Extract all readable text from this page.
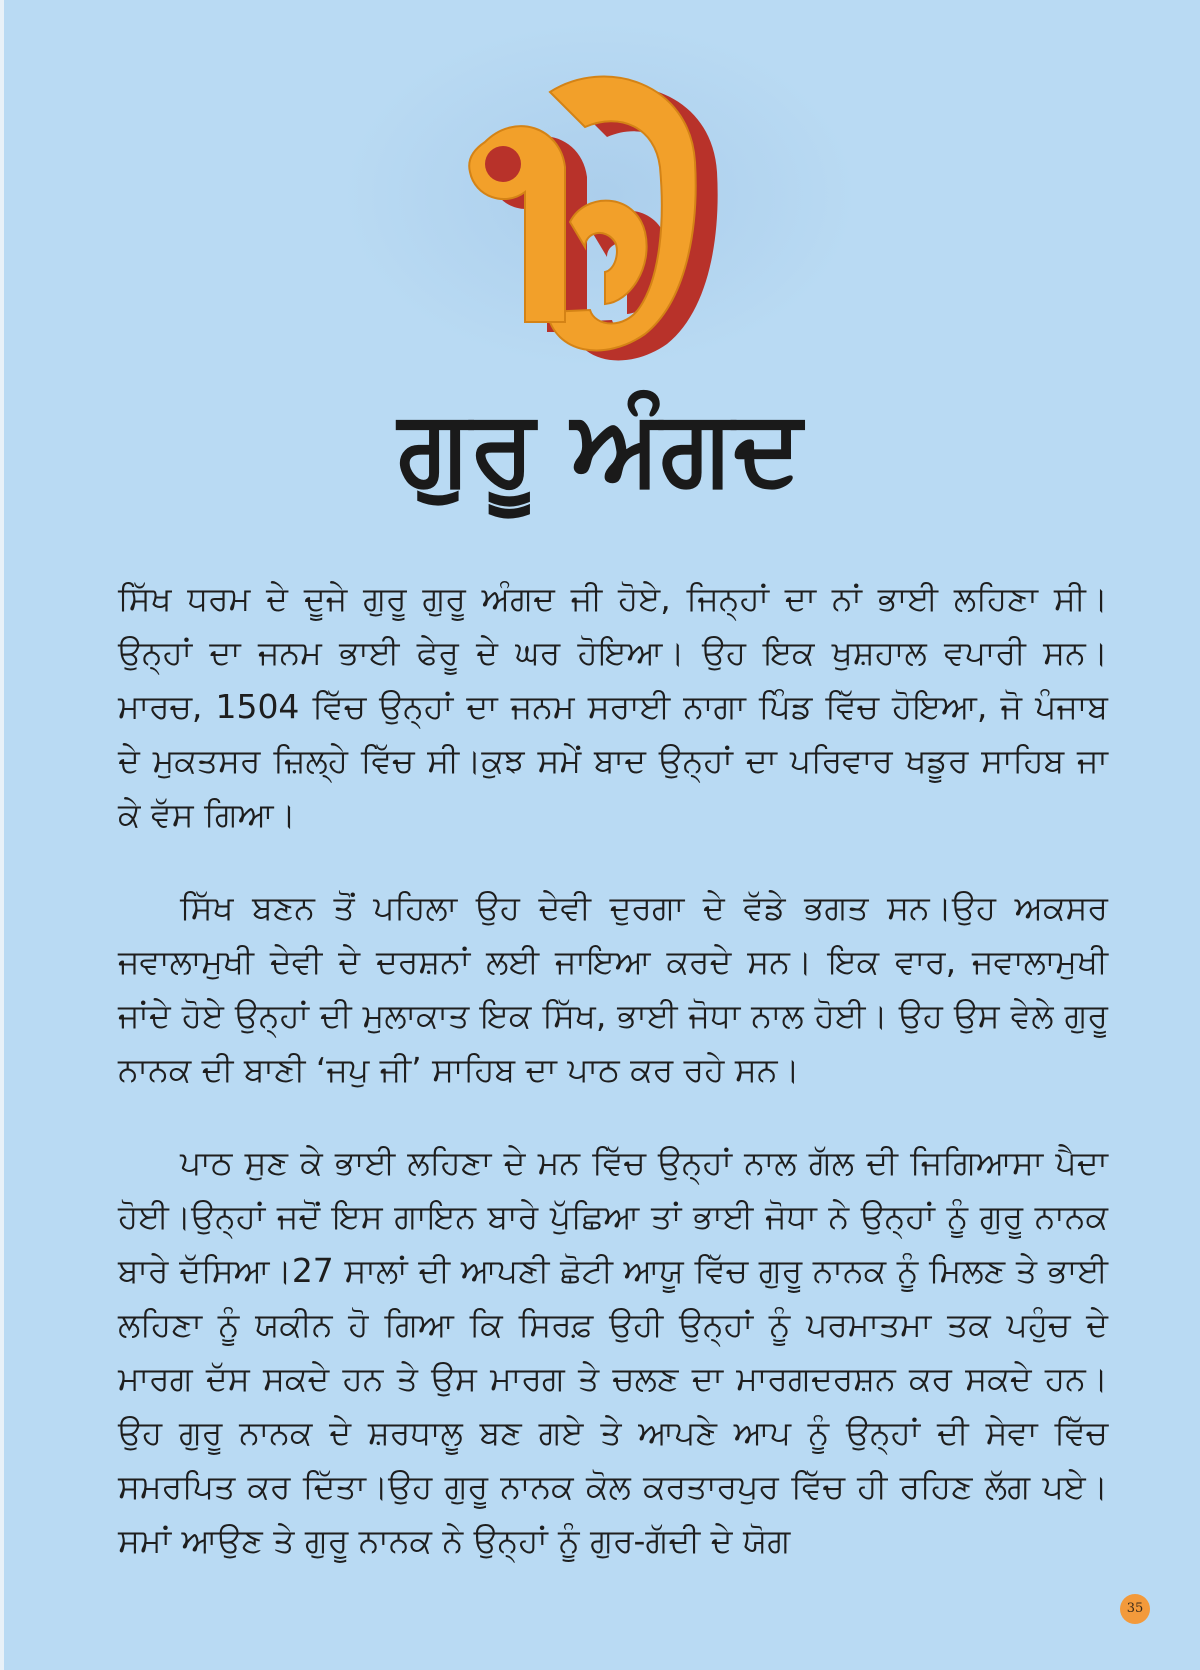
ਗੁਰੂ ਅੰਗਦ

ਸਿੱਖ ਧਰਮ ਦੇ ਦੂਜੇ ਗੁਰੂ ਗੁਰੂ ਅੰਗਦ ਜੀ ਹੋਏ, ਜਿਨ੍ਹਾਂ ਦਾ ਨਾਂ ਭਾਈ ਲਹਿਣਾ ਸੀ। ਉਨ੍ਹਾਂ ਦਾ ਜਨਮ ਭਾਈ ਫੇਰੂ ਦੇ ਘਰ ਹੋਇਆ। ਉਹ ਇਕ ਖੁਸ਼ਹਾਲ ਵਪਾਰੀ ਸਨ।ਮਾਰਚ, 1504 ਵਿੱਚ ਉਨ੍ਹਾਂ ਦਾ ਜਨਮ ਸਰਾਈ ਨਾਗਾ ਪਿੰਡ ਵਿੱਚ ਹੋਇਆ, ਜੋ ਪੰਜਾਬ ਦੇ ਮੁਕਤਸਰ ਜ਼ਿਲ੍ਹੇ ਵਿੱਚ ਸੀ।ਕੁਝ ਸਮੇਂ ਬਾਦ ਉਨ੍ਹਾਂ ਦਾ ਪਰਿਵਾਰ ਖਡੂਰ ਸਾਹਿਬ ਜਾ ਕੇ ਵੱਸ ਗਿਆ।

ਸਿੱਖ ਬਣਨ ਤੋਂ ਪਹਿਲਾ ਉਹ ਦੇਵੀ ਦੁਰਗਾ ਦੇ ਵੱਡੇ ਭਗਤ ਸਨ।ਉਹ ਅਕਸਰ ਜਵਾਲਾਮੁਖੀ ਦੇਵੀ ਦੇ ਦਰਸ਼ਨਾਂ ਲਈ ਜਾਇਆ ਕਰਦੇ ਸਨ। ਇਕ ਵਾਰ, ਜਵਾਲਾਮੁਖੀ ਜਾਂਦੇ ਹੋਏ ਉਨ੍ਹਾਂ ਦੀ ਮੁਲਾਕਾਤ ਇਕ ਸਿੱਖ, ਭਾਈ ਜੋਧਾ ਨਾਲ ਹੋਈ। ਉਹ ਉਸ ਵੇਲੇ ਗੁਰੂ ਨਾਨਕ ਦੀ ਬਾਣੀ ‘ਜਪੁ ਜੀ’ ਸਾਹਿਬ ਦਾ ਪਾਠ ਕਰ ਰਹੇ ਸਨ।

ਪਾਠ ਸੁਣ ਕੇ ਭਾਈ ਲਹਿਣਾ ਦੇ ਮਨ ਵਿੱਚ ਉਨ੍ਹਾਂ ਨਾਲ ਗੱਲ ਦੀ ਜਿਗਿਆਸਾ ਪੈਦਾ ਹੋਈ।ਉਨ੍ਹਾਂ ਜਦੋਂ ਇਸ ਗਾਇਨ ਬਾਰੇ ਪੁੱਛਿਆ ਤਾਂ ਭਾਈ ਜੋਧਾ ਨੇ ਉਨ੍ਹਾਂ ਨੂੰ ਗੁਰੂ ਨਾਨਕ ਬਾਰੇ ਦੱਸਿਆ।27 ਸਾਲਾਂ ਦੀ ਆਪਣੀ ਛੋਟੀ ਆਯੂ ਵਿੱਚ ਗੁਰੂ ਨਾਨਕ ਨੂੰ ਮਿਲਣ ਤੇ ਭਾਈ ਲਹਿਣਾ ਨੂੰ ਯਕੀਨ ਹੋ ਗਿਆ ਕਿ ਸਿਰਫ਼ ਉਹੀ ਉਨ੍ਹਾਂ ਨੂੰ ਪਰਮਾਤਮਾ ਤਕ ਪਹੁੰਚ ਦੇ ਮਾਰਗ ਦੱਸ ਸਕਦੇ ਹਨ ਤੇ ਉਸ ਮਾਰਗ ਤੇ ਚਲਣ ਦਾ ਮਾਰਗਦਰਸ਼ਨ ਕਰ ਸਕਦੇ ਹਨ।ਉਹ ਗੁਰੂ ਨਾਨਕ ਦੇ ਸ਼ਰਧਾਲੂ ਬਣ ਗਏ ਤੇ ਆਪਣੇ ਆਪ ਨੂੰ ਉਨ੍ਹਾਂ ਦੀ ਸੇਵਾ ਵਿੱਚ ਸਮਰਪਿਤ ਕਰ ਦਿੱਤਾ।ਉਹ ਗੁਰੂ ਨਾਨਕ ਕੋਲ ਕਰਤਾਰਪੁਰ ਵਿੱਚ ਹੀ ਰਹਿਣ ਲੱਗ ਪਏ।ਸਮਾਂ ਆਉਣ ਤੇ ਗੁਰੂ ਨਾਨਕ ਨੇ ਉਨ੍ਹਾਂ ਨੂੰ ਗੁਰ-ਗੱਦੀ ਦੇ ਯੋਗ

35
